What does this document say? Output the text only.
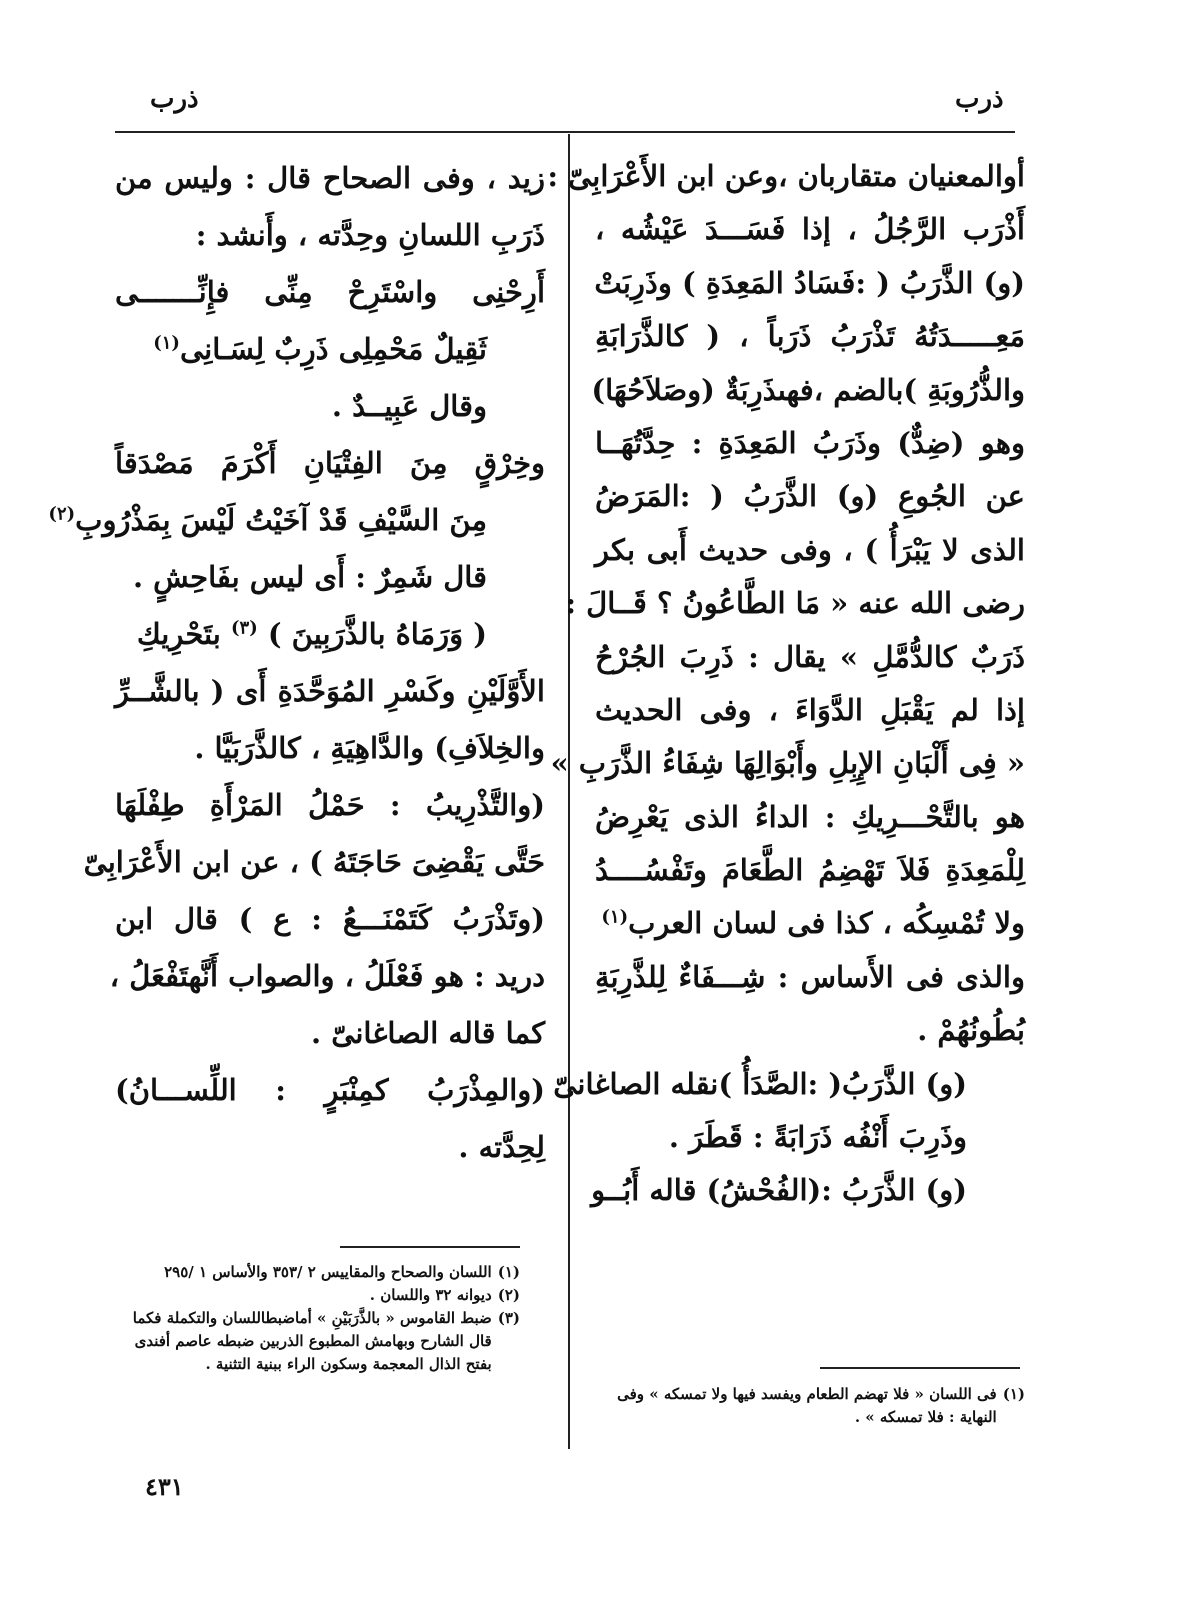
ذرب
ذرب
أوالمعنيان متقاربان ،وعن ابن الأَعْرَابِىّ :
أَذْرَب الرَّجُلُ ، إذا فَسَـــدَ عَيْشُه ،
(و) الذَّرَبُ ( :فَسَادُ المَعِدَةِ ) وذَرِبَتْ
مَعِـــــدَتُهُ تَذْرَبُ ذَرَباً ، ( كالذَّرَابَةِ
والذُّرُوبَةِ )بالضم ،فهىذَرِبَةٌ (وصَلاَحُهَا)
وهو (ضِدٌّ) وذَرَبُ المَعِدَةِ : حِدَّتُهَــا
عن الجُوعِ (و) الذَّرَبُ ( :المَرَضُ
الذى لا يَبْرَأُ ) ، وفى حديث أَبى بكر
رضى الله عنه « مَا الطَّاعُونُ ؟ قَــالَ :
ذَرَبٌ كالدُّمَّلِ » يقال : ذَرِبَ الجُرْحُ
إذا لم يَقْبَلِ الدَّوَاءَ ، وفى الحديث
« فِى أَلْبَانِ الإِبِلِ وأَبْوَالِهَا شِفَاءُ الذَّرَبِ »
هو بالتَّحْـــرِيكِ : الداءُ الذى يَعْرِضُ
لِلْمَعِدَةِ فَلاَ تَهْضِمُ الطَّعَامَ وتَفْسُــــدُ
ولا تُمْسِكُه ، كذا فى لسان العرب$^{(١)}$
والذى فى الأَساس : شِـــفَاءٌ لِلذَّرِبَةِ
بُطُونُهُمْ .
(و) الذَّرَبُ( :الصَّدَأُ )نقله الصاغانىّ
وذَرِبَ أَنْفُه ذَرَابَةً : قَطَرَ .
(و) الذَّرَبُ :(الفُحْشُ) قاله أَبُــو
زيد ، وفى الصحاح قال : وليس من
ذَرَبِ اللسانِ وحِدَّته ، وأَنشد :
أَرِحْنِى واسْتَرِحْ مِنِّى فإِنِّـــــــى
ثَقِيلٌ مَحْمِلِى ذَرِبٌ لِسَـانِى$^{(١)}$
وقال عَبِيــدٌ .
وخِرْقٍ مِنَ الفِتْيَانِ أَكْرَمَ مَصْدَقاً
مِنَ السَّيْفِ قَدْ آخَيْتُ لَيْسَ بِمَذْرُوبِ$^{(٢)}$
قال شَمِرٌ : أَى ليس بفَاحِشٍ .
( وَرَمَاهُ بالذَّرَبِينَ ) $^{(٣)}$ بتَحْرِيكِ
الأَوَّلَيْنِ وكَسْرِ المُوَحَّدَةِ أَى ( بالشَّــرِّ
والخِلاَفِ) والدَّاهِيَةِ ، كالذَّرَبَيَّا .
(والتَّذْرِيبُ : حَمْلُ المَرْأَةِ طِفْلَهَا
حَتَّى يَقْضِىَ حَاجَتَهُ ) ، عن ابن الأَعْرَابِىّ
(وتَذْرَبُ كَتَمْنَـــعُ : ع ) قال ابن
دريد : هو فَعْلَلُ ، والصواب أَنَّهتَفْعَلُ ،
كما قاله الصاغانىّ .
(والمِذْرَبُ كمِنْبَرٍ : اللِّســـانُ)
لِحِدَّته .
(١)
فى اللسان « فلا تهضم الطعام ويفسد فيها ولا تمسكه » وفى النهاية : فلا تمسكه » .
(١)
اللسان والصحاح والمقاييس ٢ /٣٥٣ والأساس ١ /٢٩٥
(٢)
ديوانه ٣٢ واللسان .
(٣)
ضبط القاموس « بالذَّرَبَيْنِ » أماضبطاللسان والتكملة فكما قال الشارح وبهامش المطبوع الذربين ضبطه عاصم أفندى بفتح الذال المعجمة وسكون الراء ببنية التثنية .
٤٣١
